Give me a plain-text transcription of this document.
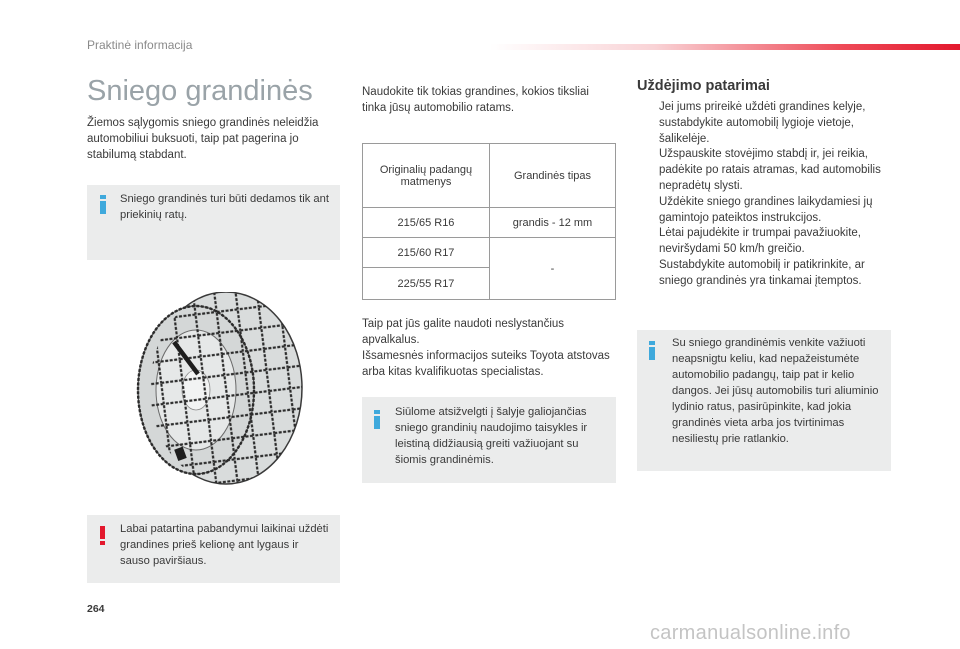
Praktinė informacija
Sniego grandinės
Žiemos sąlygomis sniego grandinės neleidžia automobiliui buksuoti, taip pat pagerina jo stabilumą stabdant.
Sniego grandinės turi būti dedamos tik ant priekinių ratų.
Labai patartina pabandymui laikinai uždėti grandines prieš kelionę ant lygaus ir sauso paviršiaus.
Naudokite tik tokias grandines, kokios tiksliai tinka jūsų automobilio ratams.
Originalių padangų matmenys	Grandinės tipas
215/65 R16	grandis - 12 mm
215/60 R17	-
225/55 R17	
Taip pat jūs galite naudoti neslystančius apvalkalus.
Išsamesnės informacijos suteiks Toyota atstovas arba kitas kvalifikuotas specialistas.
Siūlome atsižvelgti į šalyje galiojančias sniego grandinių naudojimo taisykles ir leistiną didžiausią greiti važiuojant su šiomis grandinėmis.
Uždėjimo patarimai
Jei jums prireikė uždėti grandines kelyje, sustabdykite automobilį lygioje vietoje, šalikelėje.
Užspauskite stovėjimo stabdį ir, jei reikia, padėkite po ratais atramas, kad automobilis nepradėtų slysti.
Uždėkite sniego grandines laikydamiesi jų gamintojo pateiktos instrukcijos.
Lėtai pajudėkite ir trumpai pavažiuokite, neviršydami 50 km/h greičio.
Sustabdykite automobilį ir patikrinkite, ar sniego grandinės yra tinkamai įtemptos.
Su sniego grandinėmis venkite važiuoti neapsnigtu keliu, kad nepažeistumėte automobilio padangų, taip pat ir kelio dangos. Jei jūsų automobilis turi aliuminio lydinio ratus, pasirūpinkite, kad jokia grandinės vieta arba jos tvirtinimas nesiliestų prie ratlankio.
264
carmanualsonline.info
